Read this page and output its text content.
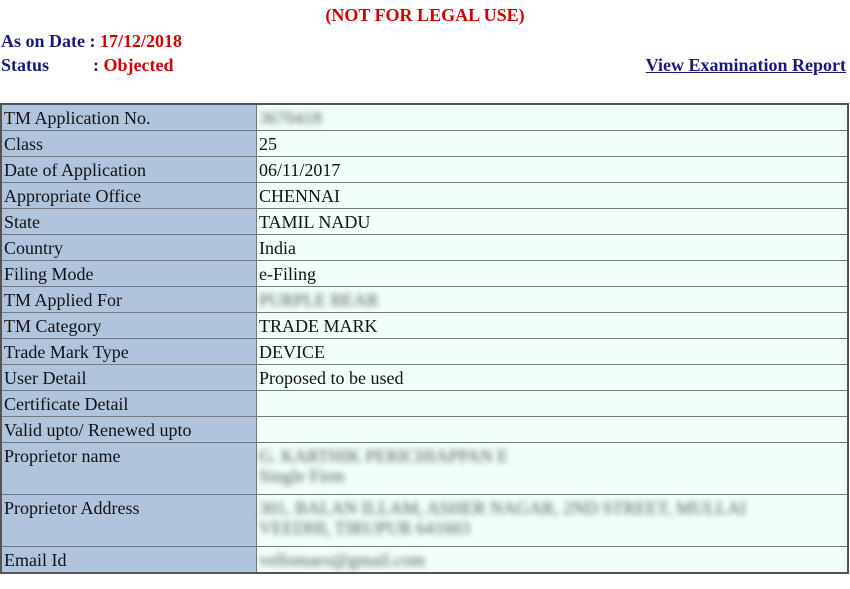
(NOT FOR LEGAL USE)
As on Date : 17/12/2018
Status : Objected	View Examination Report
TM Application No.	3670418
Class	25
Date of Application	06/11/2017
Appropriate Office	CHENNAI
State	TAMIL NADU
Country	India
Filing Mode	e-Filing
TM Applied For	PURPLE BEAR
TM Category	TRADE MARK
Trade Mark Type	DEVICE
User Detail	Proposed to be used
Certificate Detail	
Valid upto/ Renewed upto	
Proprietor name	G. KARTHIK PERICHIAPPAN E
Single Firm

Proprietor Address	301, BALAN ILLAM, ASHER NAGAR, 2ND STREET, MULLAI
VEEDHI, TIRUPUR 641603

Email Id	vellomaro@gmail.com
